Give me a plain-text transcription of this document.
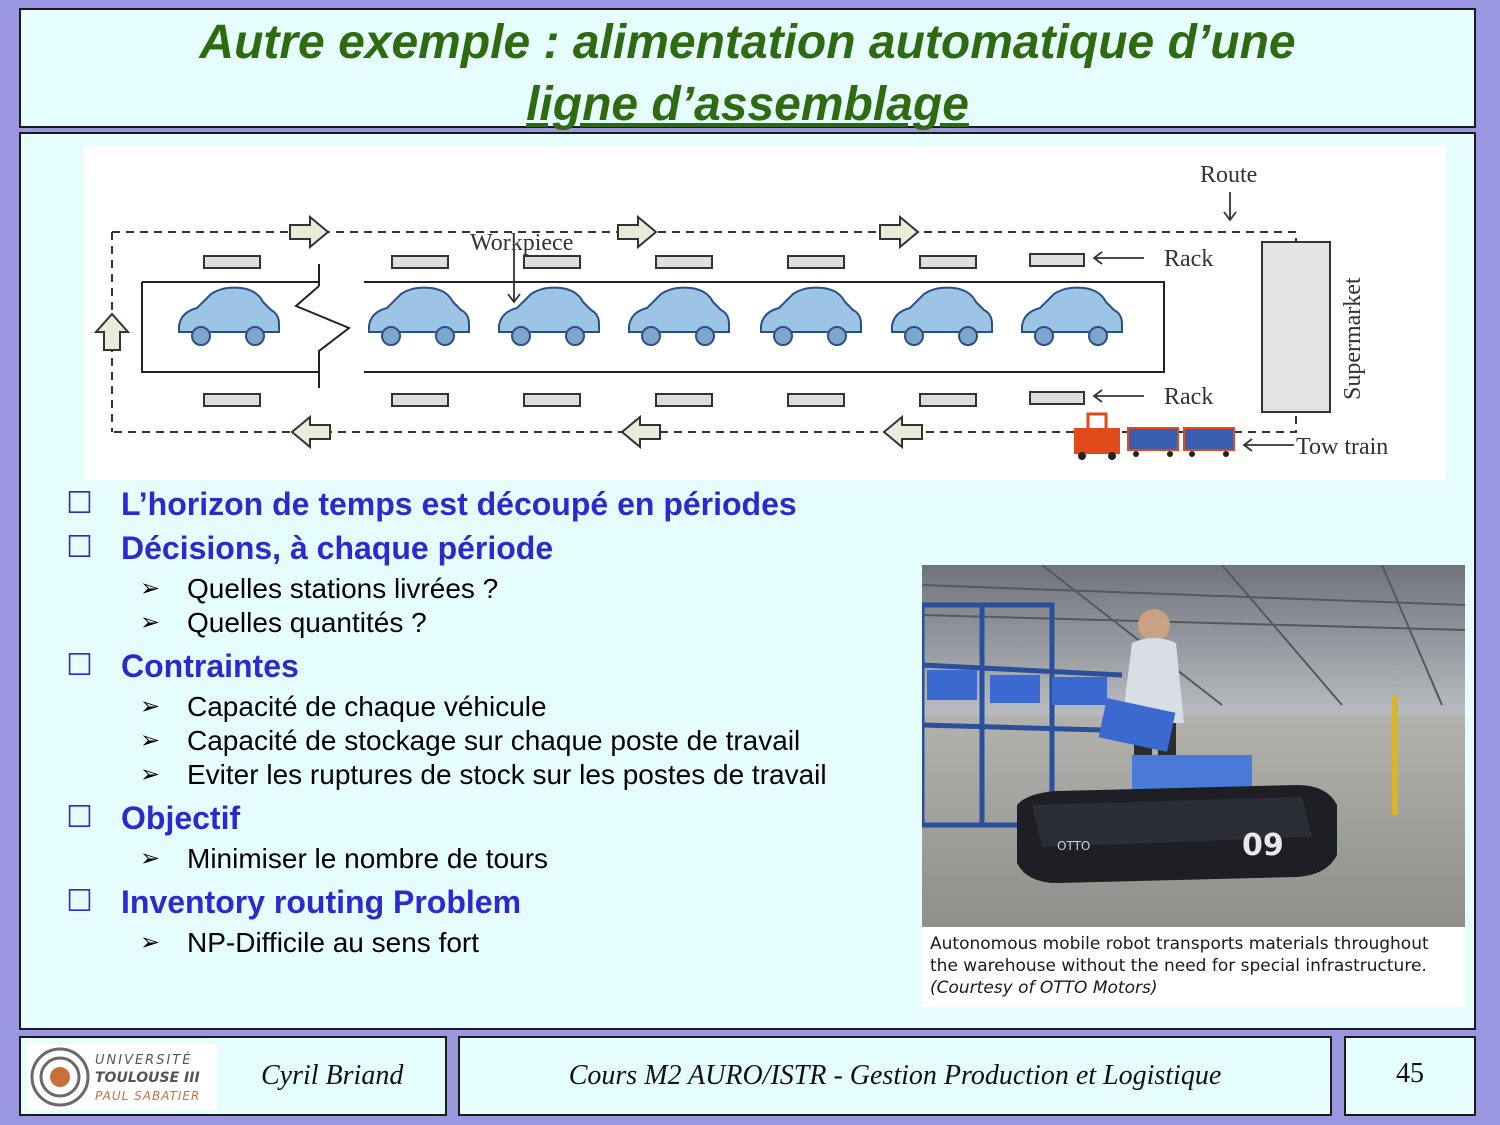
Autre exemple : alimentation automatique d’une
ligne d’assemblage
Route
Workpiece
Rack
Rack
Tow train
Supermarket
☐ L’horizon de temps est découpé en périodes
☐ Décisions, à chaque période
➢ Quelles stations livrées ?
➢ Quelles quantités ?
☐ Contraintes
➢ Capacité de chaque véhicule
➢ Capacité de stockage sur chaque poste de travail
➢ Eviter les ruptures de stock sur les postes de travail
☐ Objectif
➢ Minimiser le nombre de tours
☐ Inventory routing Problem
➢ NP-Difficile au sens fort
09
OTTO
Autonomous mobile robot transports materials throughout
the warehouse without the need for special infrastructure.
(Courtesy of OTTO Motors)
UNIVERSITÉ
TOULOUSE III
PAUL SABATIER
Cyril Briand	Cours M2 AURO/ISTR - Gestion Production et Logistique	45
